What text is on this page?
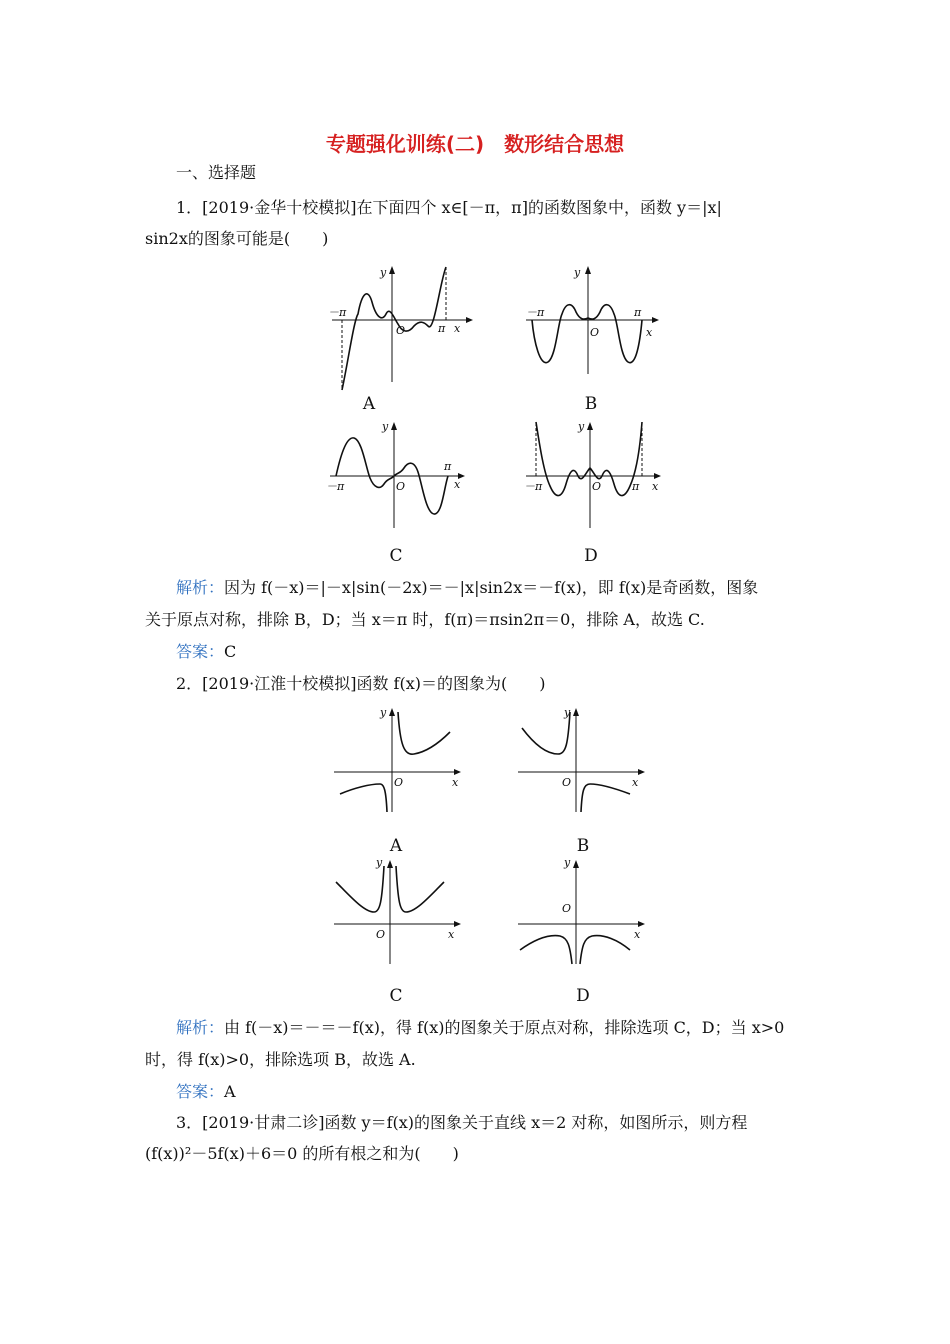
专题强化训练(二)　数形结合思想
一、选择题
1．[2019·金华十校模拟]在下面四个 x∈[－π，π]的函数图象中，函数 y＝|x|
sin2x的图象可能是(　　)
y
x
O
－π
π
A
y
x
O
－π	π
B
y
x
O
－π
π
C
y
x
O
－π	π
D
解析：因为 f(－x)＝|－x|sin(－2x)＝－|x|sin2x＝－f(x)，即 f(x)是奇函数，图象
关于原点对称，排除 B，D；当 x＝π 时，f(π)＝πsin2π＝0，排除 A，故选 C.
答案：C
2．[2019·江淮十校模拟]函数 f(x)＝的图象为(　　)
y
x
O
A
y
x
O
B
y
x
O
C
y
x
O
D
解析：由 f(－x)＝－＝－f(x)，得 f(x)的图象关于原点对称，排除选项 C，D；当 x>0
时，得 f(x)>0，排除选项 B，故选 A.
答案：A
3．[2019·甘肃二诊]函数 y＝f(x)的图象关于直线 x＝2 对称，如图所示，则方程
(f(x))²－5f(x)＋6＝0 的所有根之和为(　　)
